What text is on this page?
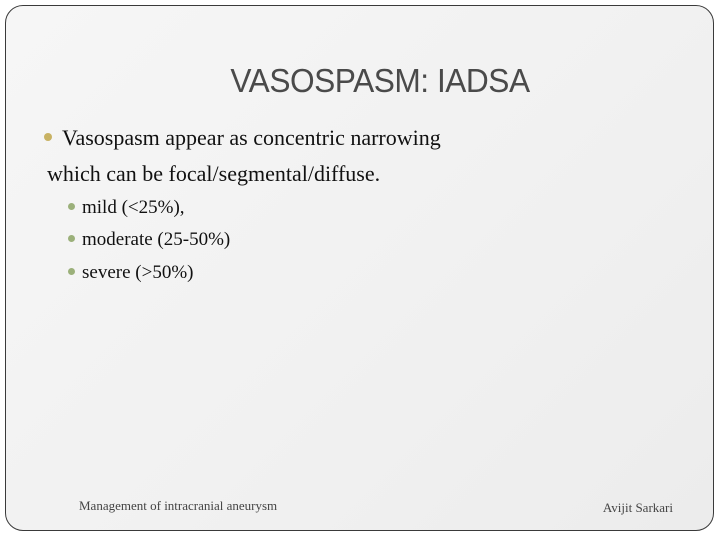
VASOSPASM: IADSA
Vasospasm appear as concentric narrowing
which can be focal/segmental/diffuse.
mild (<25%),
moderate (25-50%)
severe (>50%)
Management of intracranial aneurysm	Avijit Sarkari
